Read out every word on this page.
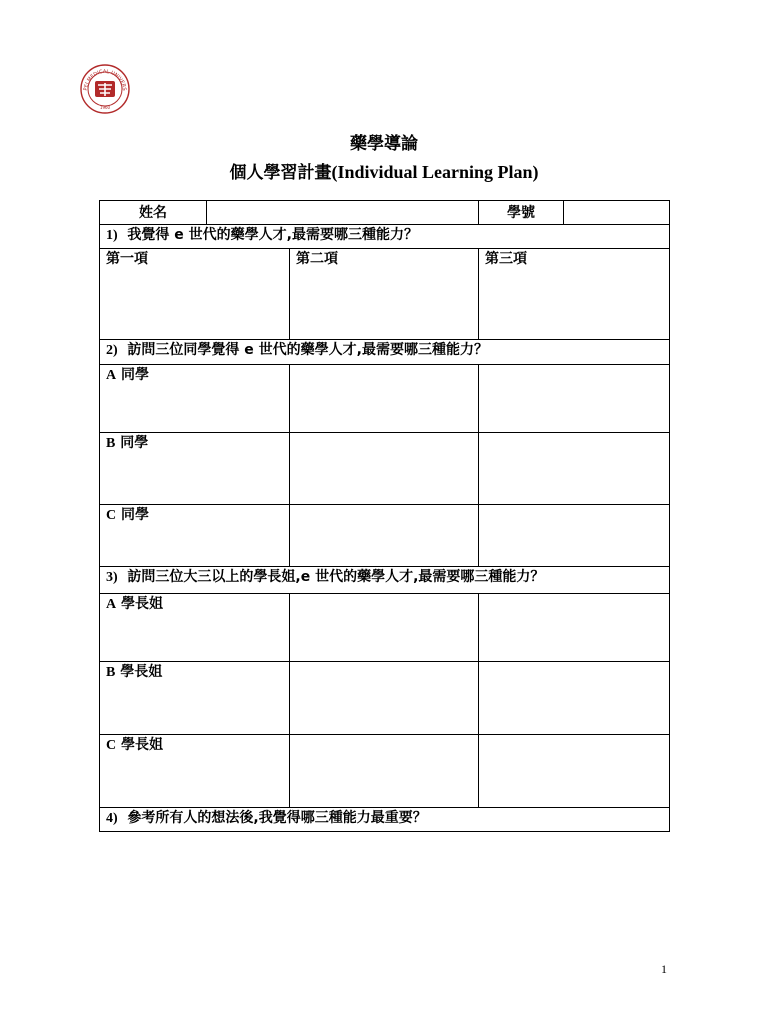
PEI MEDICAL UNIVERS
1960
藥學導論
個人學習計畫(Individual Learning Plan)
姓名			學號	
1) 我覺得 e 世代的藥學人才,最需要哪三種能力？				
第一項		第二項	第三項	
2) 訪問三位同學覺得 e 世代的藥學人才,最需要哪三種能力？				
A 同學				
B 同學				
C 同學				
3) 訪問三位大三以上的學長姐,e 世代的藥學人才,最需要哪三種能力？				
A 學長姐				
B 學長姐				
C 學長姐				
4) 參考所有人的想法後,我覺得哪三種能力最重要？				
1
